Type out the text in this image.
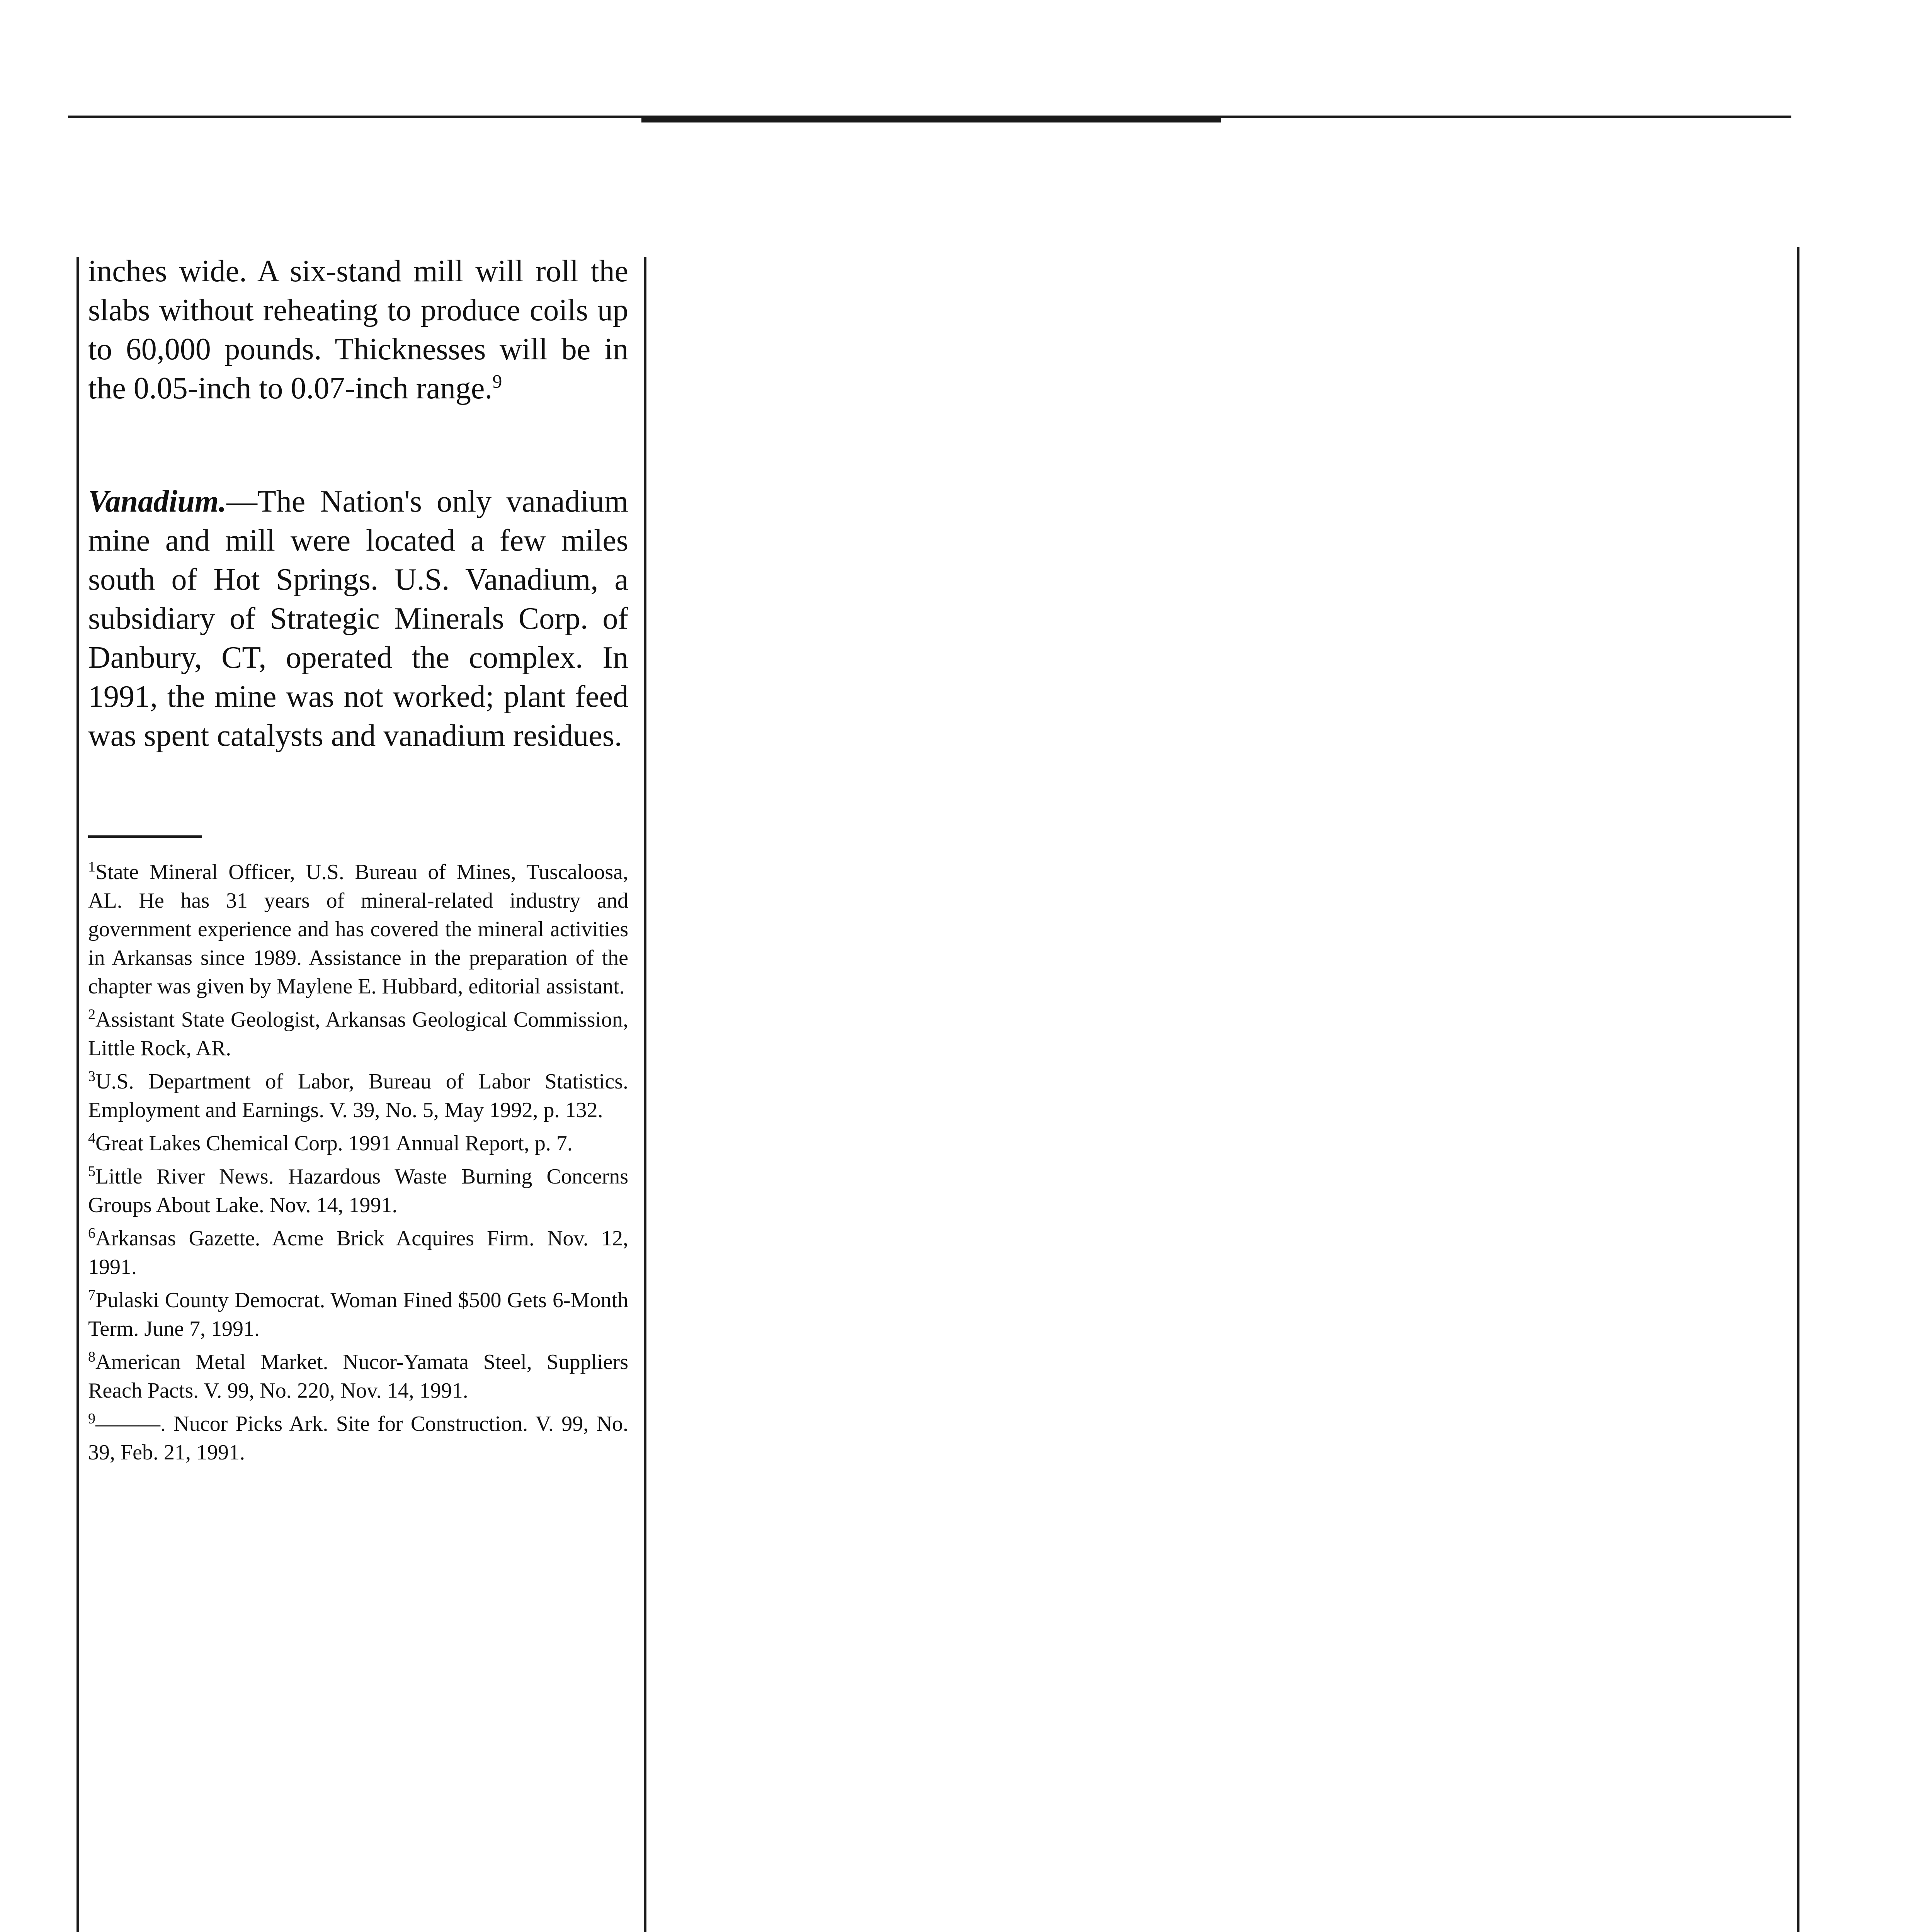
inches wide. A six-stand mill will roll the slabs without reheating to produce coils up to 60,000 pounds. Thicknesses will be in the 0.05-inch to 0.07-inch range.$^9$

Vanadium.—The Nation's only vanadium mine and mill were located a few miles south of Hot Springs. U.S. Vanadium, a subsidiary of Strategic Minerals Corp. of Danbury, CT, operated the complex. In 1991, the mine was not worked; plant feed was spent catalysts and vanadium residues.

$^1$State Mineral Officer, U.S. Bureau of Mines, Tuscaloosa, AL. He has 31 years of mineral-related industry and government experience and has covered the mineral activities in Arkansas since 1989. Assistance in the preparation of the chapter was given by Maylene E. Hubbard, editorial assistant.

$^2$Assistant State Geologist, Arkansas Geological Commission, Little Rock, AR.

$^3$U.S. Department of Labor, Bureau of Labor Statistics. Employment and Earnings. V. 39, No. 5, May 1992, p. 132.

$^4$Great Lakes Chemical Corp. 1991 Annual Report, p. 7.

$^5$Little River News. Hazardous Waste Burning Concerns Groups About Lake. Nov. 14, 1991.

$^6$Arkansas Gazette. Acme Brick Acquires Firm. Nov. 12, 1991.

$^7$Pulaski County Democrat. Woman Fined $500 Gets 6-Month Term. June 7, 1991.

$^8$American Metal Market. Nucor-Yamata Steel, Suppliers Reach Pacts. V. 99, No. 220, Nov. 14, 1991.

$^9$———. Nucor Picks Ark. Site for Construction. V. 99, No. 39, Feb. 21, 1991.
